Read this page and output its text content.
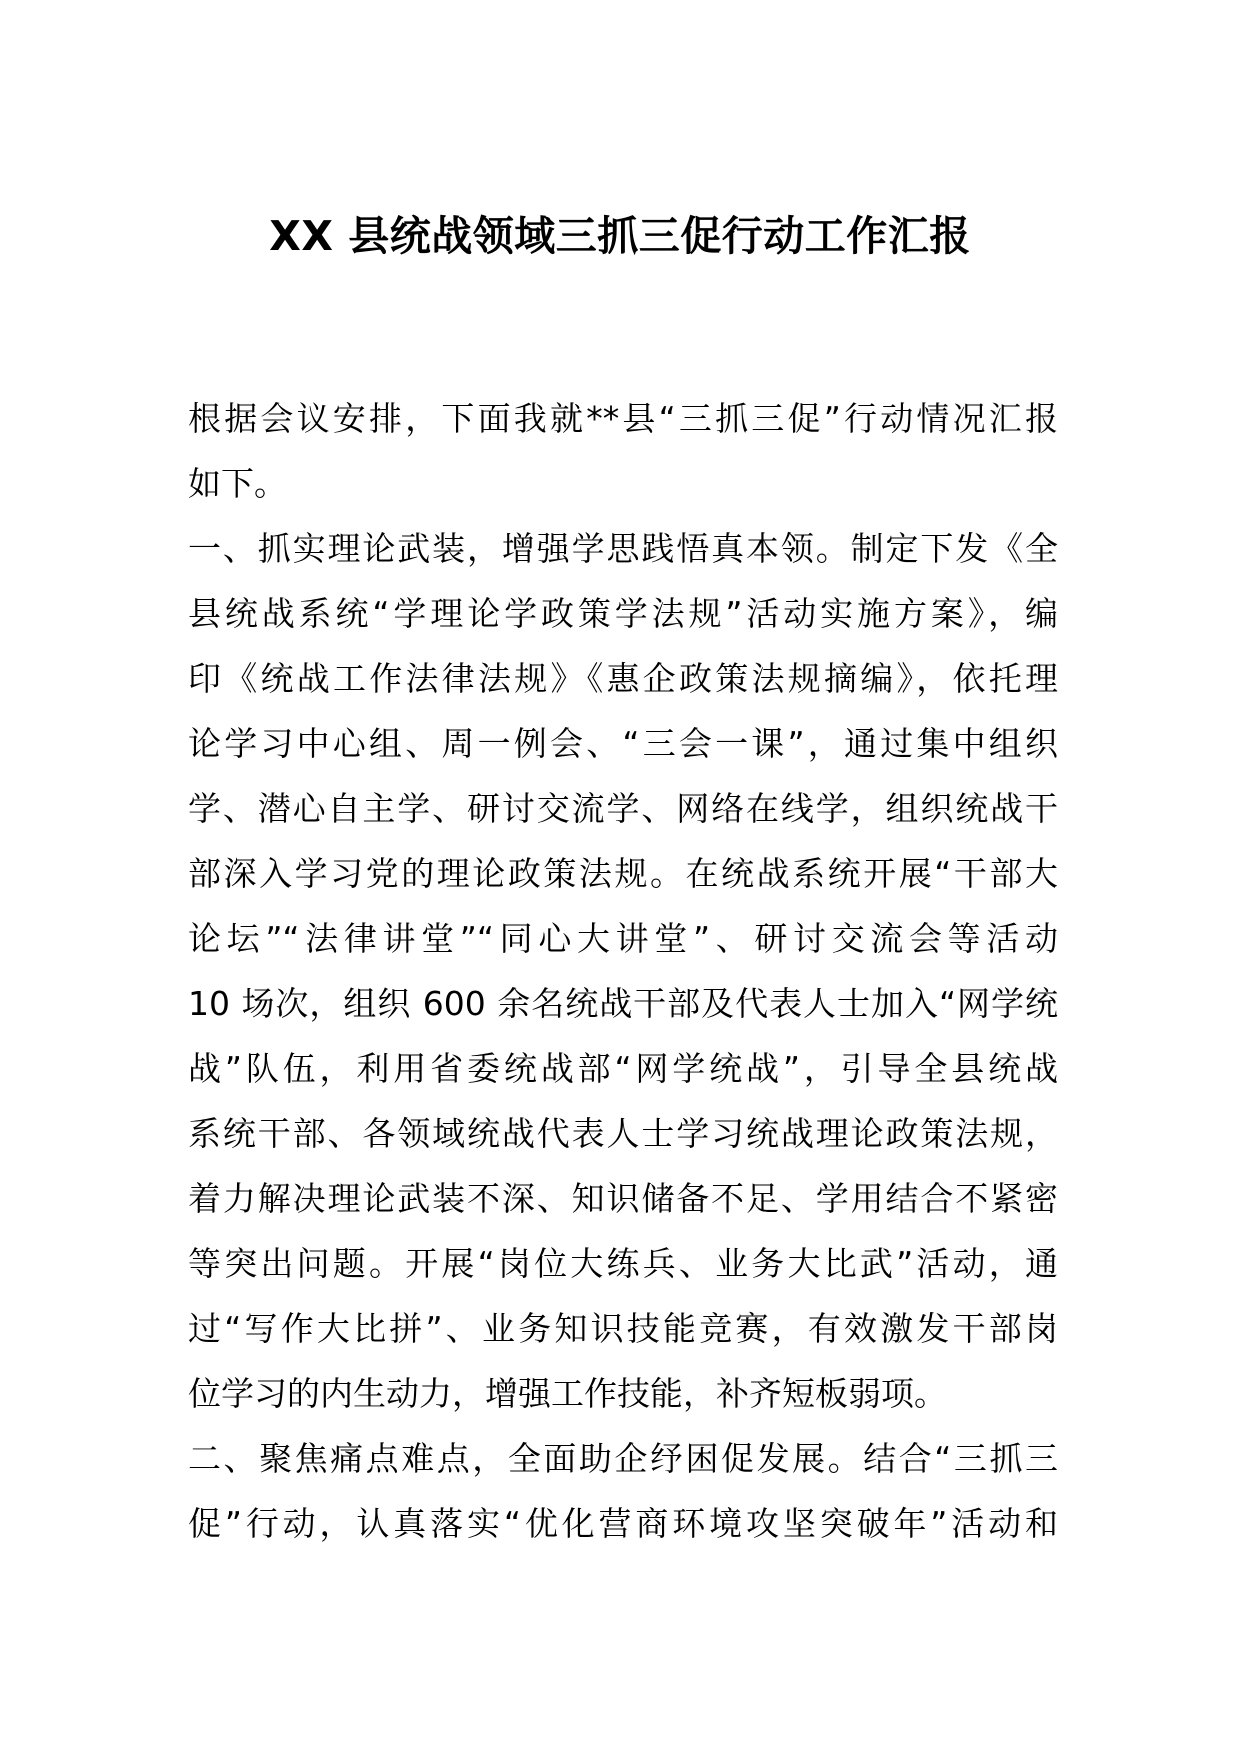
XX 县统战领域三抓三促行动工作汇报
根据会议安排，下面我就**县“三抓三促”行动情况汇报
如下。
一、抓实理论武装，增强学思践悟真本领。制定下发《全
县统战系统“学理论学政策学法规”活动实施方案》，编
印《统战工作法律法规》《惠企政策法规摘编》，依托理
论学习中心组、周一例会、“三会一课”，通过集中组织
学、潜心自主学、研讨交流学、网络在线学，组织统战干
部深入学习党的理论政策法规。在统战系统开展“干部大
论坛”“法律讲堂”“同心大讲堂”、研讨交流会等活动
10 场次，组织 600 余名统战干部及代表人士加入“网学统
战”队伍，利用省委统战部“网学统战”，引导全县统战
系统干部、各领域统战代表人士学习统战理论政策法规，
着力解决理论武装不深、知识储备不足、学用结合不紧密
等突出问题。开展“岗位大练兵、业务大比武”活动，通
过“写作大比拼”、业务知识技能竞赛，有效激发干部岗
位学习的内生动力，增强工作技能，补齐短板弱项。
二、聚焦痛点难点，全面助企纾困促发展。结合“三抓三
促”行动，认真落实“优化营商环境攻坚突破年”活动和
